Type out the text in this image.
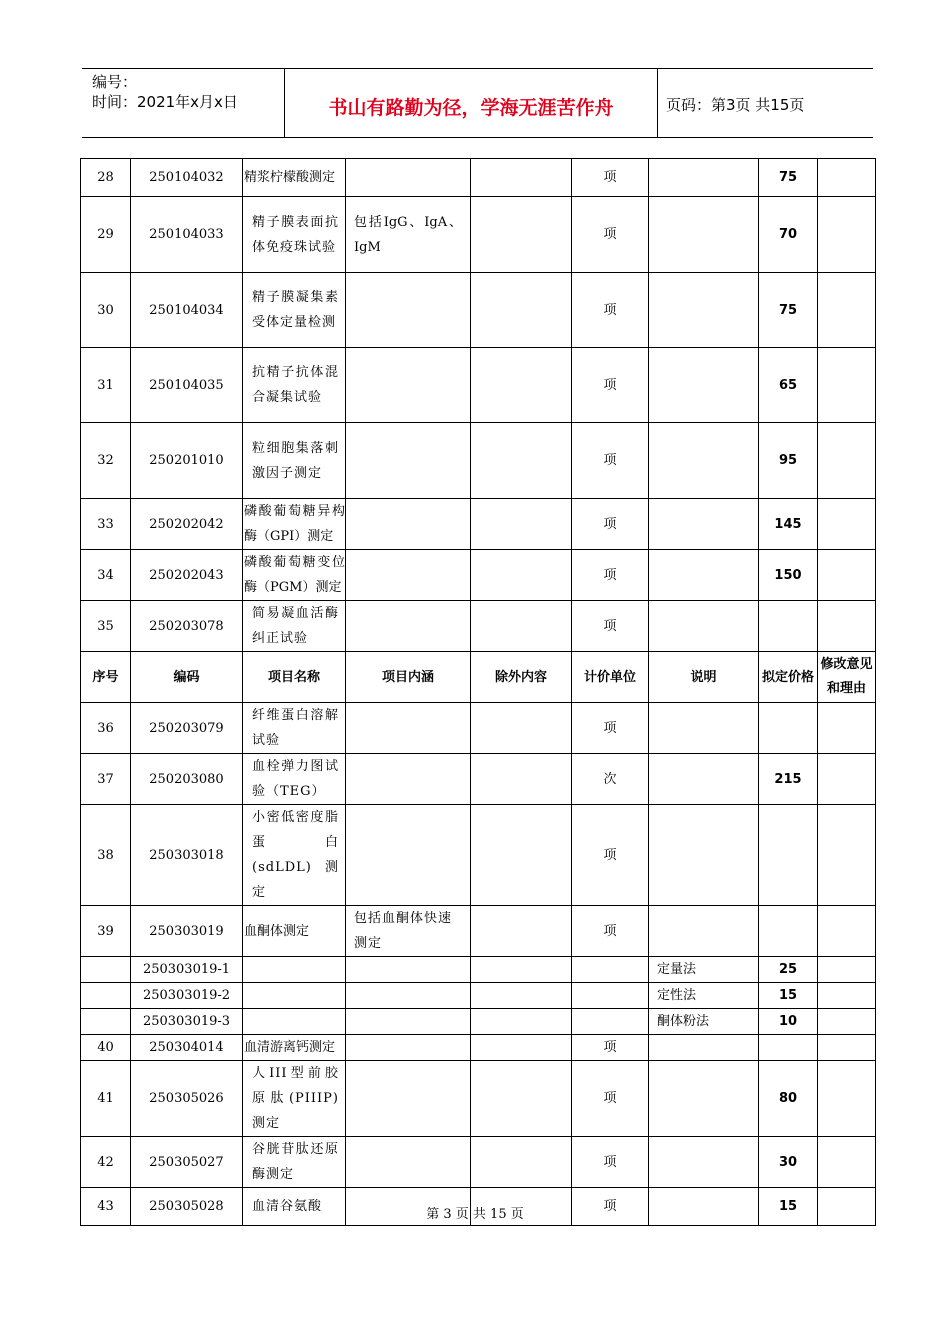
编号：
时间：2021年x月x日	书山有路勤为径，学海无涯苦作舟	页码：第3页 共15页
28	250104032	精浆柠檬酸测定			项		75	
29	250104033	精子膜表面抗体免疫珠试验	包括IgG、IgA、IgM		项		70	
30	250104034	精子膜凝集素受体定量检测			项		75	
31	250104035	抗精子抗体混合凝集试验			项		65	
32	250201010	粒细胞集落刺激因子测定			项		95	
33	250202042	磷酸葡萄糖异构酶（GPI）测定			项		145	
34	250202043	磷酸葡萄糖变位酶（PGM）测定			项		150	
35	250203078	简易凝血活酶纠正试验			项			
序号	编码	项目名称	项目内涵	除外内容	计价单位	说明	拟定价格	修改意见和理由
36	250203079	纤维蛋白溶解试验			项			
37	250203080	血栓弹力图试验（TEG）			次		215	
38	250303018	小密低密度脂蛋白(sdLDL)测定			项			
39	250303019	血酮体测定	包括血酮体快速测定		项			
	250303019-1					定量法	25	
	250303019-2					定性法	15	
	250303019-3					酮体粉法	10	
40	250304014	血清游离钙测定			项			
41	250305026	人III型前胶原肽(PIIIP)测定			项		80	
42	250305027	谷胱苷肽还原酶测定			项		30	
43	250305028	血清谷氨酸			项		15	
第 3 页 共 15 页
